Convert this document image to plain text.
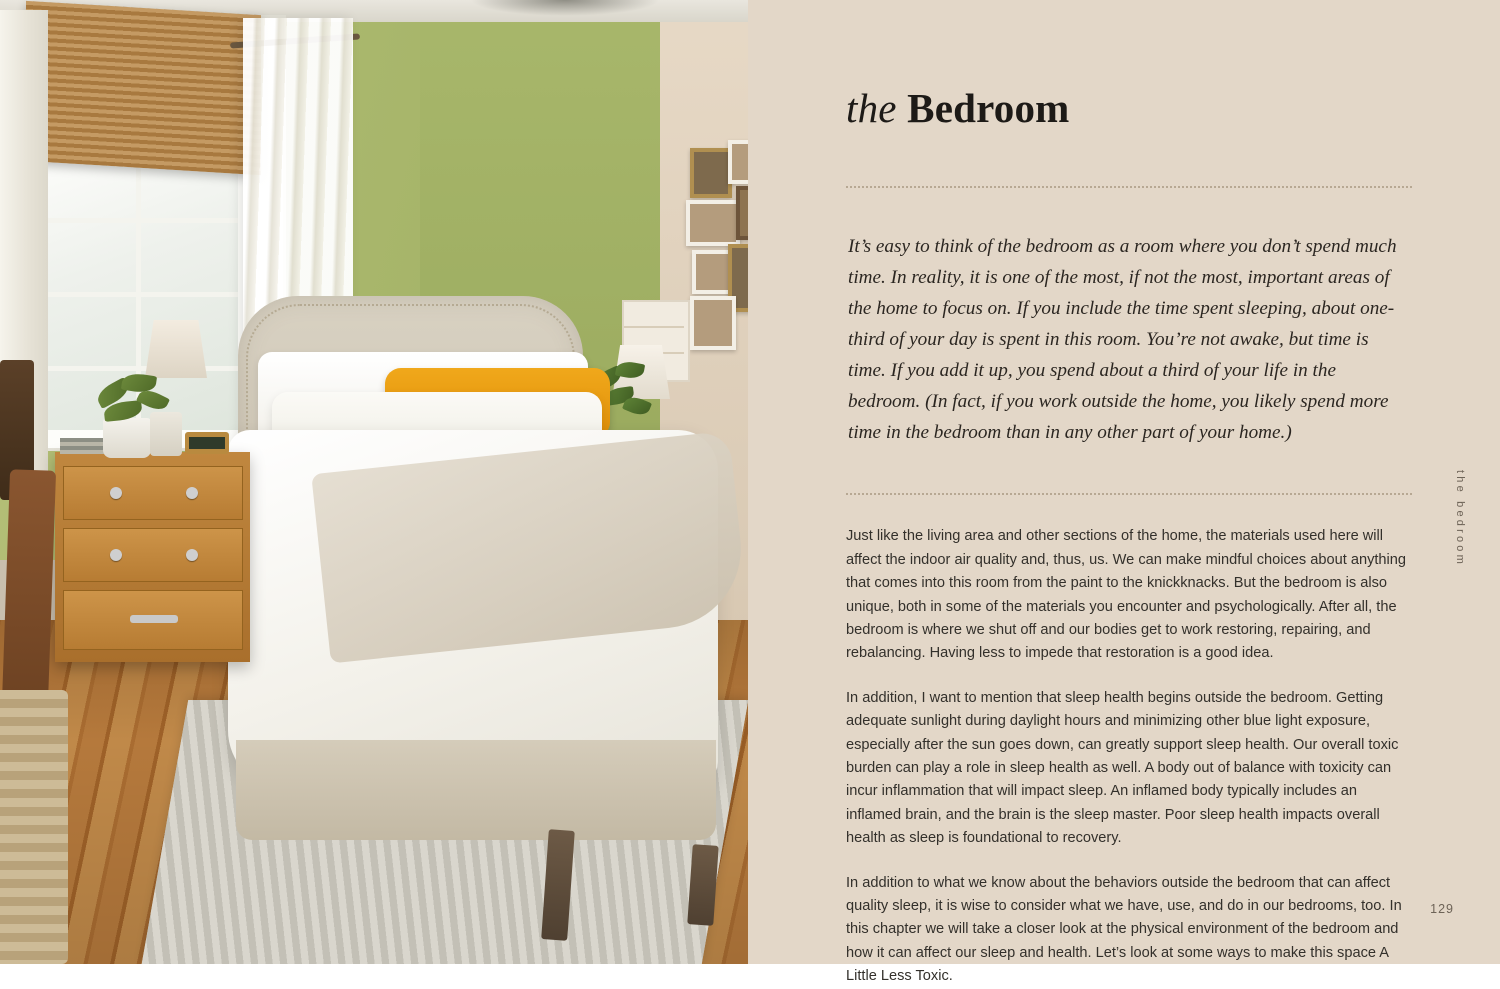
the Bedroom

It’s easy to think of the bedroom as a room where you don’t spend much time. In reality, it is one of the most, if not the most, important areas of the home to focus on. If you include the time spent sleeping, about one-third of your day is spent in this room. You’re not awake, but time is time. If you add it up, you spend about a third of your life in the bedroom. (In fact, if you work outside the home, you likely spend more time in the bedroom than in any other part of your home.)

Just like the living area and other sections of the home, the materials used here will affect the indoor air quality and, thus, us. We can make mindful choices about anything that comes into this room from the paint to the knickknacks. But the bedroom is also unique, both in some of the materials you encounter and psychologically. After all, the bedroom is where we shut off and our bodies get to work restoring, repairing, and rebalancing. Having less to impede that restoration is a good idea.

In addition, I want to mention that sleep health begins outside the bedroom. Getting adequate sunlight during daylight hours and minimizing other blue light exposure, especially after the sun goes down, can greatly support sleep health. Our overall toxic burden can play a role in sleep health as well. A body out of balance with toxicity can incur inflammation that will impact sleep. An inflamed body typically includes an inflamed brain, and the brain is the sleep master. Poor sleep health impacts overall health as sleep is foundational to recovery.

In addition to what we know about the behaviors outside the bedroom that can affect quality sleep, it is wise to consider what we have, use, and do in our bedrooms, too. In this chapter we will take a closer look at the physical environment of the bedroom and how it can affect our sleep and health. Let’s look at some ways to make this space A Little Less Toxic.

the bedroom
129
